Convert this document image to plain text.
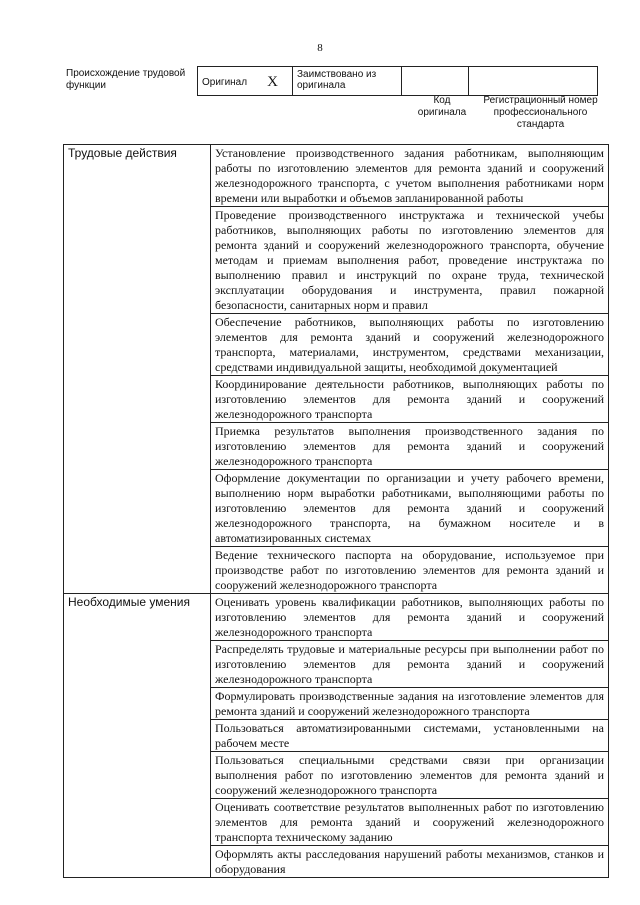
8
Происхождение трудовой функции	Оригинал X	Заимствовано из оригинала		
Код оригинала
Регистрационный номер профессионального стандарта
Трудовые действия	Установление производственного задания работникам, выполняющим работы по изготовлению элементов для ремонта зданий и сооружений железнодорожного транспорта, с учетом выполнения работниками норм времени или выработки и объемов запланированной работы
	Проведение производственного инструктажа и технической учебы работников, выполняющих работы по изготовлению элементов для ремонта зданий и сооружений железнодорожного транспорта, обучение методам и приемам выполнения работ, проведение инструктажа по выполнению правил и инструкций по охране труда, технической эксплуатации оборудования и инструмента, правил пожарной безопасности, санитарных норм и правил
	Обеспечение работников, выполняющих работы по изготовлению элементов для ремонта зданий и сооружений железнодорожного транспорта, материалами, инструментом, средствами механизации, средствами индивидуальной защиты, необходимой документацией
	Координирование деятельности работников, выполняющих работы по изготовлению элементов для ремонта зданий и сооружений железнодорожного транспорта
	Приемка результатов выполнения производственного задания по изготовлению элементов для ремонта зданий и сооружений железнодорожного транспорта
	Оформление документации по организации и учету рабочего времени, выполнению норм выработки работниками, выполняющими работы по изготовлению элементов для ремонта зданий и сооружений железнодорожного транспорта, на бумажном носителе и в автоматизированных системах
	Ведение технического паспорта на оборудование, используемое при производстве работ по изготовлению элементов для ремонта зданий и сооружений железнодорожного транспорта
Необходимые умения	Оценивать уровень квалификации работников, выполняющих работы по изготовлению элементов для ремонта зданий и сооружений железнодорожного транспорта
	Распределять трудовые и материальные ресурсы при выполнении работ по изготовлению элементов для ремонта зданий и сооружений железнодорожного транспорта
	Формулировать производственные задания на изготовление элементов для ремонта зданий и сооружений железнодорожного транспорта
	Пользоваться автоматизированными системами, установленными на рабочем месте
	Пользоваться специальными средствами связи при организации выполнения работ по изготовлению элементов для ремонта зданий и сооружений железнодорожного транспорта
	Оценивать соответствие результатов выполненных работ по изготовлению элементов для ремонта зданий и сооружений железнодорожного транспорта техническому заданию
	Оформлять акты расследования нарушений работы механизмов, станков и оборудования
